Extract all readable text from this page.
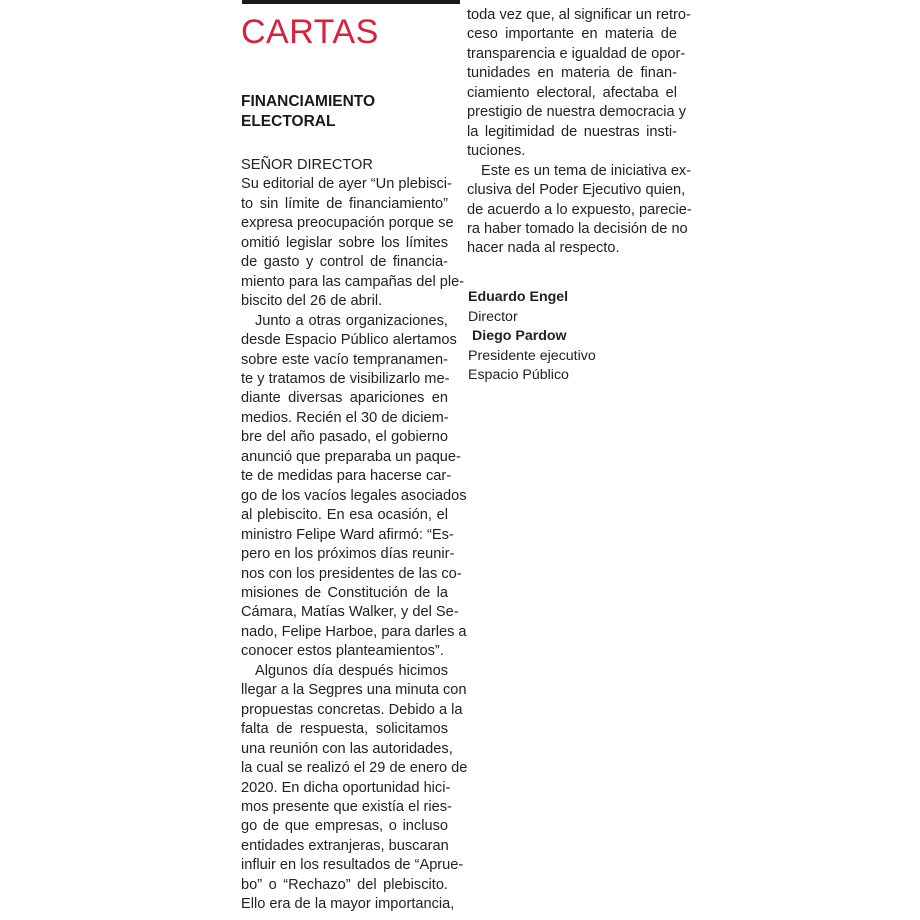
CARTAS
FINANCIAMIENTO
ELECTORAL
SEÑOR DIRECTOR
Su editorial de ayer “Un plebisci-
to sin límite de financiamiento”
expresa preocupación porque se
omitió legislar sobre los límites
de gasto y control de financia-
miento para las campañas del ple-
biscito del 26 de abril.
Junto a otras organizaciones,
desde Espacio Público alertamos
sobre este vacío tempranamen-
te y tratamos de visibilizarlo me-
diante diversas apariciones en
medios. Recién el 30 de diciem-
bre del año pasado, el gobierno
anunció que preparaba un paque-
te de medidas para hacerse car-
go de los vacíos legales asociados
al plebiscito. En esa ocasión, el
ministro Felipe Ward afirmó: “Es-
pero en los próximos días reunir-
nos con los presidentes de las co-
misiones de Constitución de la
Cámara, Matías Walker, y del Se-
nado, Felipe Harboe, para darles a
conocer estos planteamientos”.
Algunos día después hicimos
llegar a la Segpres una minuta con
propuestas concretas. Debido a la
falta de respuesta, solicitamos
una reunión con las autoridades,
la cual se realizó el 29 de enero de
2020. En dicha oportunidad hici-
mos presente que existía el ries-
go de que empresas, o incluso
entidades extranjeras, buscaran
influir en los resultados de “Aprue-
bo” o “Rechazo” del plebiscito.
Ello era de la mayor importancia,
toda vez que, al significar un retro-
ceso importante en materia de
transparencia e igualdad de opor-
tunidades en materia de finan-
ciamiento electoral, afectaba el
prestigio de nuestra democracia y
la legitimidad de nuestras insti-
tuciones.
Este es un tema de iniciativa ex-
clusiva del Poder Ejecutivo quien,
de acuerdo a lo expuesto, parecie-
ra haber tomado la decisión de no
hacer nada al respecto.
Eduardo Engel
Director
Diego Pardow
Presidente ejecutivo
Espacio Público
